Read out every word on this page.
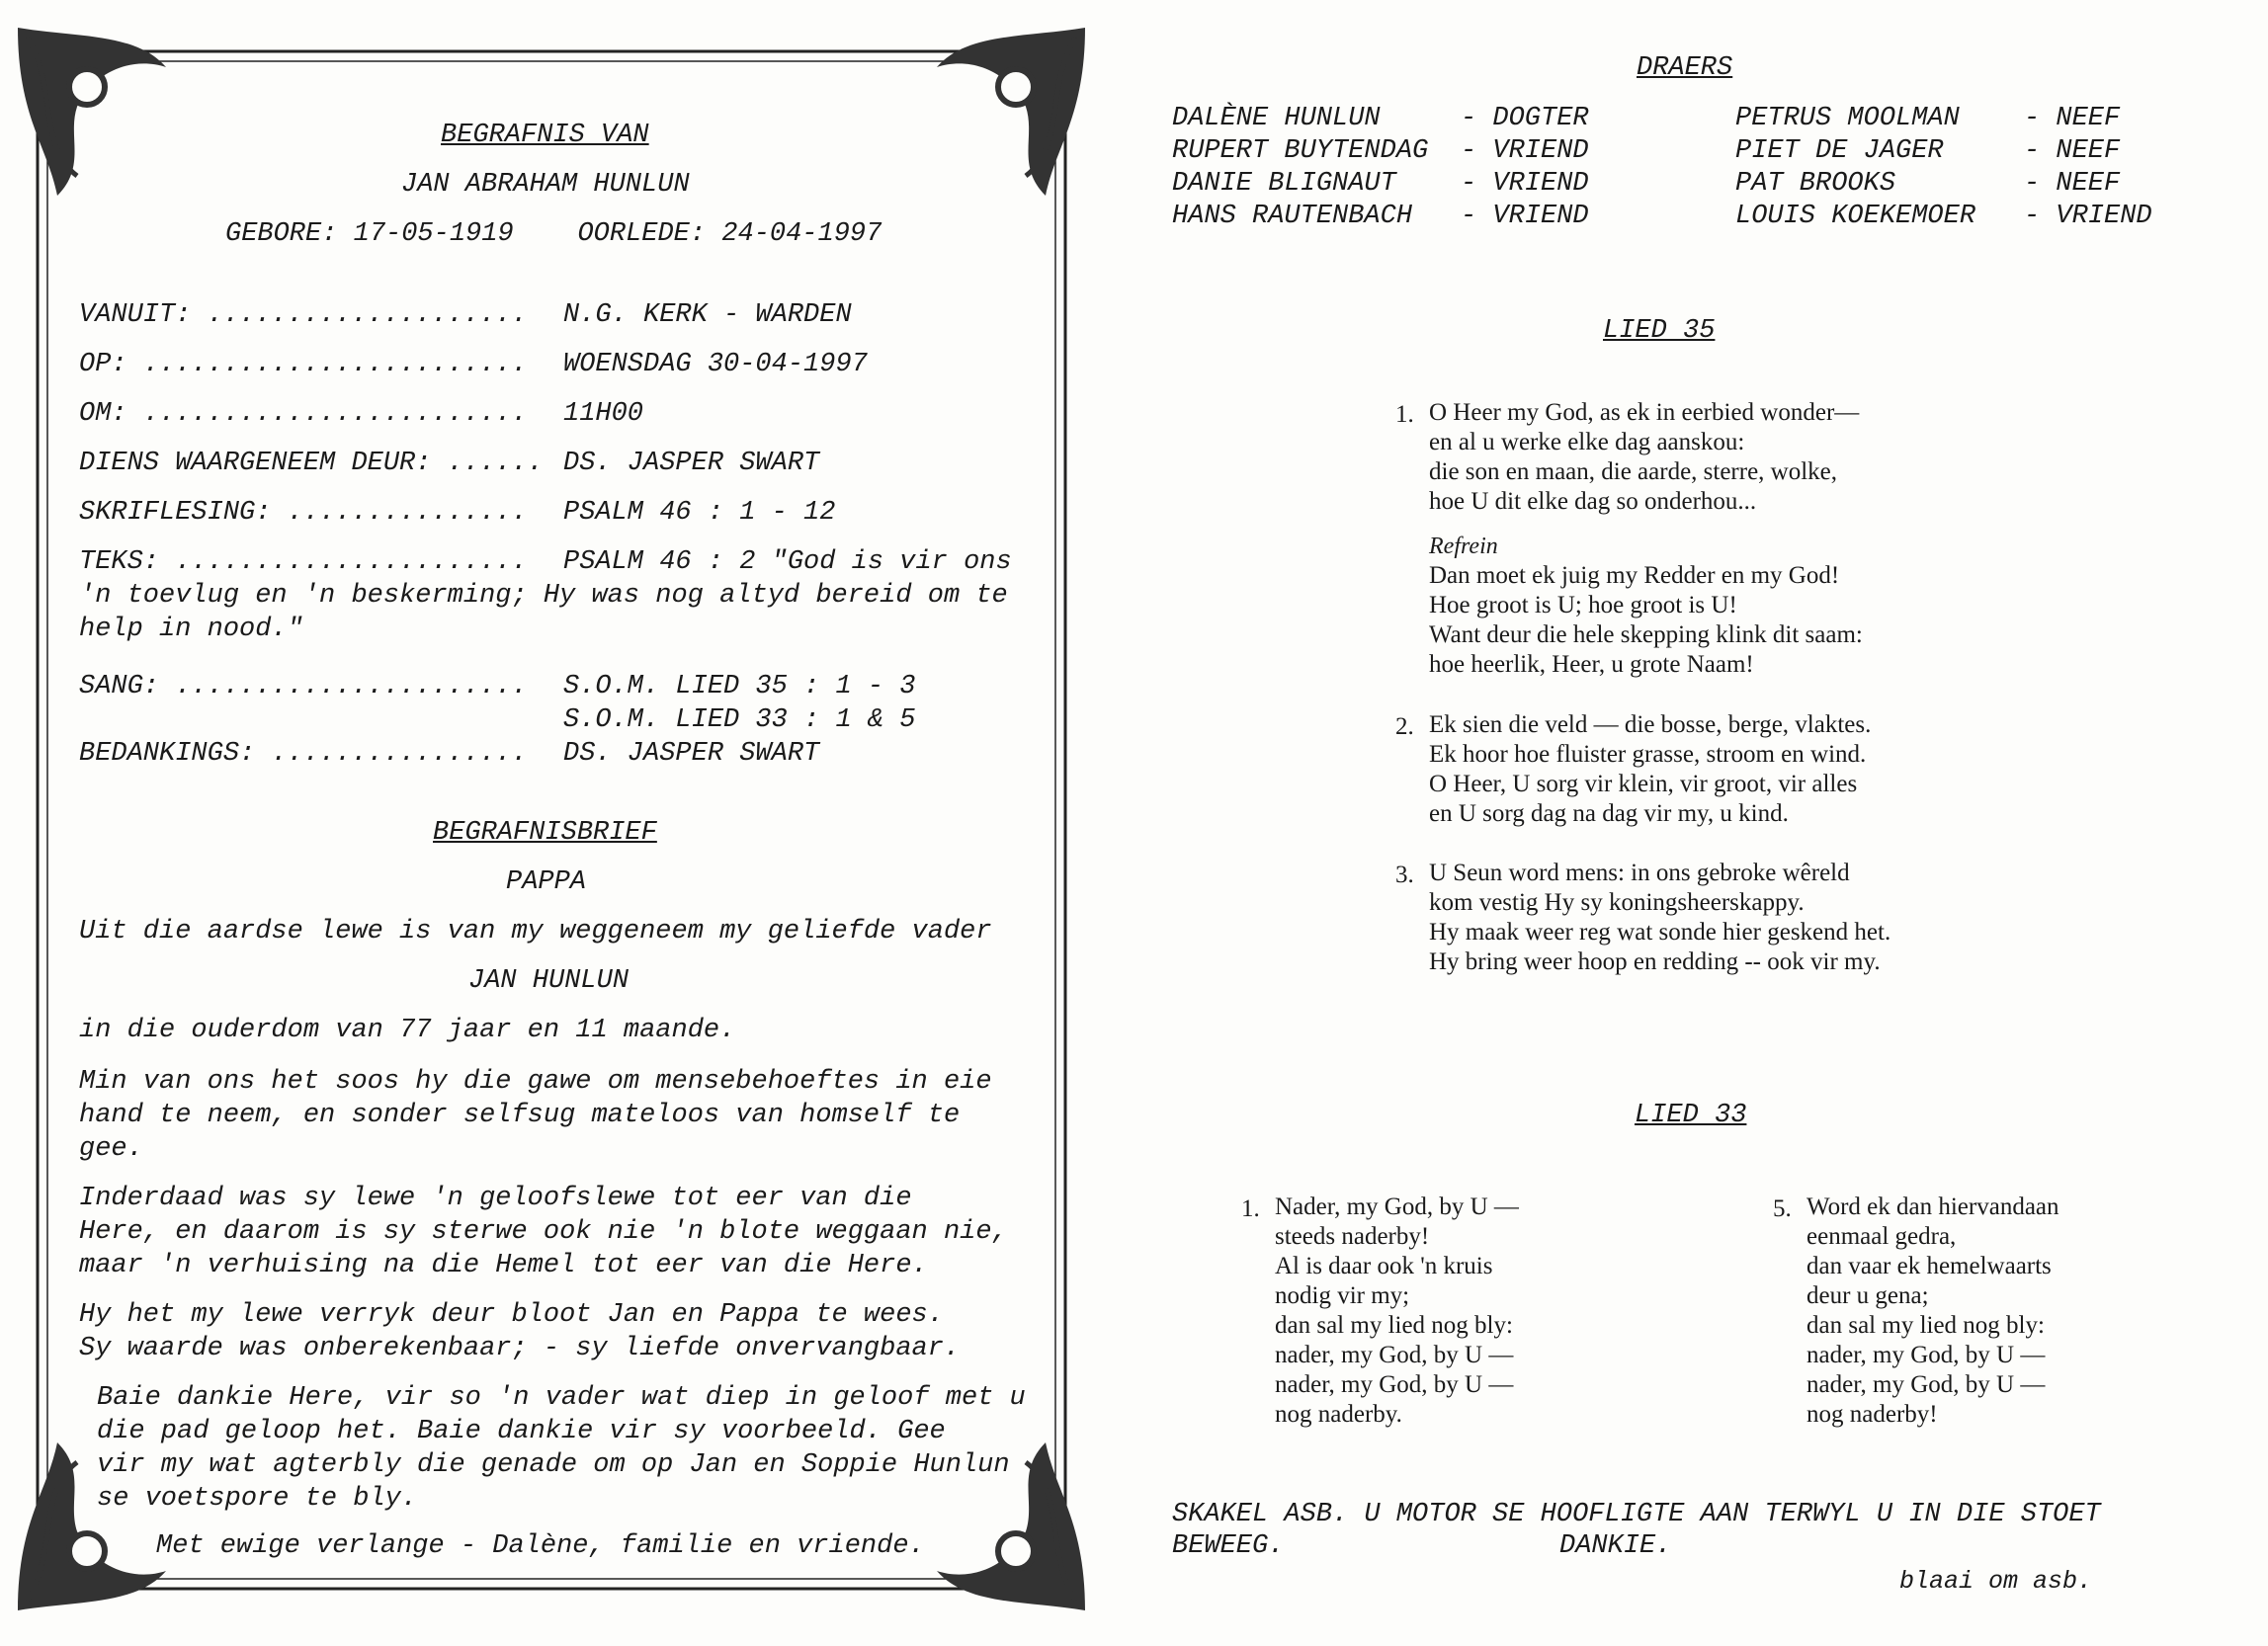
BEGRAFNIS VAN
JAN ABRAHAM HUNLUN
GEBORE: 17-05-1919 OORLEDE: 24-04-1997
VANUIT: .................... N.G. KERK - WARDEN
OP: ........................ WOENSDAG 30-04-1997
OM: ........................ 11H00
DIENS WAARGENEEM DEUR: ...... DS. JASPER SWART
SKRIFLESING: ............... PSALM 46 : 1 - 12
TEKS: ...................... PSALM 46 : 2 "God is vir ons
'n toevlug en 'n beskerming; Hy was nog altyd bereid om te
help in nood."
SANG: ...................... S.O.M. LIED 35 : 1 - 3
S.O.M. LIED 33 : 1 & 5
BEDANKINGS: ................ DS. JASPER SWART
BEGRAFNISBRIEF
PAPPA
Uit die aardse lewe is van my weggeneem my geliefde vader
JAN HUNLUN
in die ouderdom van 77 jaar en 11 maande.
Min van ons het soos hy die gawe om mensebehoeftes in eie
hand te neem, en sonder selfsug mateloos van homself te
gee.
Inderdaad was sy lewe 'n geloofslewe tot eer van die
Here, en daarom is sy sterwe ook nie 'n blote weggaan nie,
maar 'n verhuising na die Hemel tot eer van die Here.
Hy het my lewe verryk deur bloot Jan en Pappa te wees.
Sy waarde was onberekenbaar; - sy liefde onvervangbaar.
Baie dankie Here, vir so 'n vader wat diep in geloof met u
die pad geloop het. Baie dankie vir sy voorbeeld. Gee
vir my wat agterbly die genade om op Jan en Soppie Hunlun
se voetspore te bly.
Met ewige verlange - Dalène, familie en vriende.
DRAERS
DALÈNE HUNLUN
RUPERT BUYTENDAG
DANIE BLIGNAUT
HANS RAUTENBACH
- DOGTER
- VRIEND
- VRIEND
- VRIEND
PETRUS MOOLMAN
PIET DE JAGER
PAT BROOKS
LOUIS KOEKEMOER
- NEEF
- NEEF
- NEEF
- VRIEND
LIED 35
1. O Heer my God, as ek in eerbied wonder—
en al u werke elke dag aanskou:
die son en maan, die aarde, sterre, wolke,
hoe U dit elke dag so onderhou...
Refrein
Dan moet ek juig my Redder en my God!
Hoe groot is U; hoe groot is U!
Want deur die hele skepping klink dit saam:
hoe heerlik, Heer, u grote Naam!
2. Ek sien die veld — die bosse, berge, vlaktes.
Ek hoor hoe fluister grasse, stroom en wind.
O Heer, U sorg vir klein, vir groot, vir alles
en U sorg dag na dag vir my, u kind.
3. U Seun word mens: in ons gebroke wêreld
kom vestig Hy sy koningsheerskappy.
Hy maak weer reg wat sonde hier geskend het.
Hy bring weer hoop en redding -- ook vir my.
LIED 33
1. Nader, my God, by U —
steeds naderby!
Al is daar ook 'n kruis
nodig vir my;
dan sal my lied nog bly:
nader, my God, by U —
nader, my God, by U —
nog naderby.
5. Word ek dan hiervandaan
eenmaal gedra,
dan vaar ek hemelwaarts
deur u gena;
dan sal my lied nog bly:
nader, my God, by U —
nader, my God, by U —
nog naderby!
SKAKEL ASB. U MOTOR SE HOOFLIGTE AAN TERWYL U IN DIE STOET
BEWEEG.	DANKIE.
blaai om asb.
